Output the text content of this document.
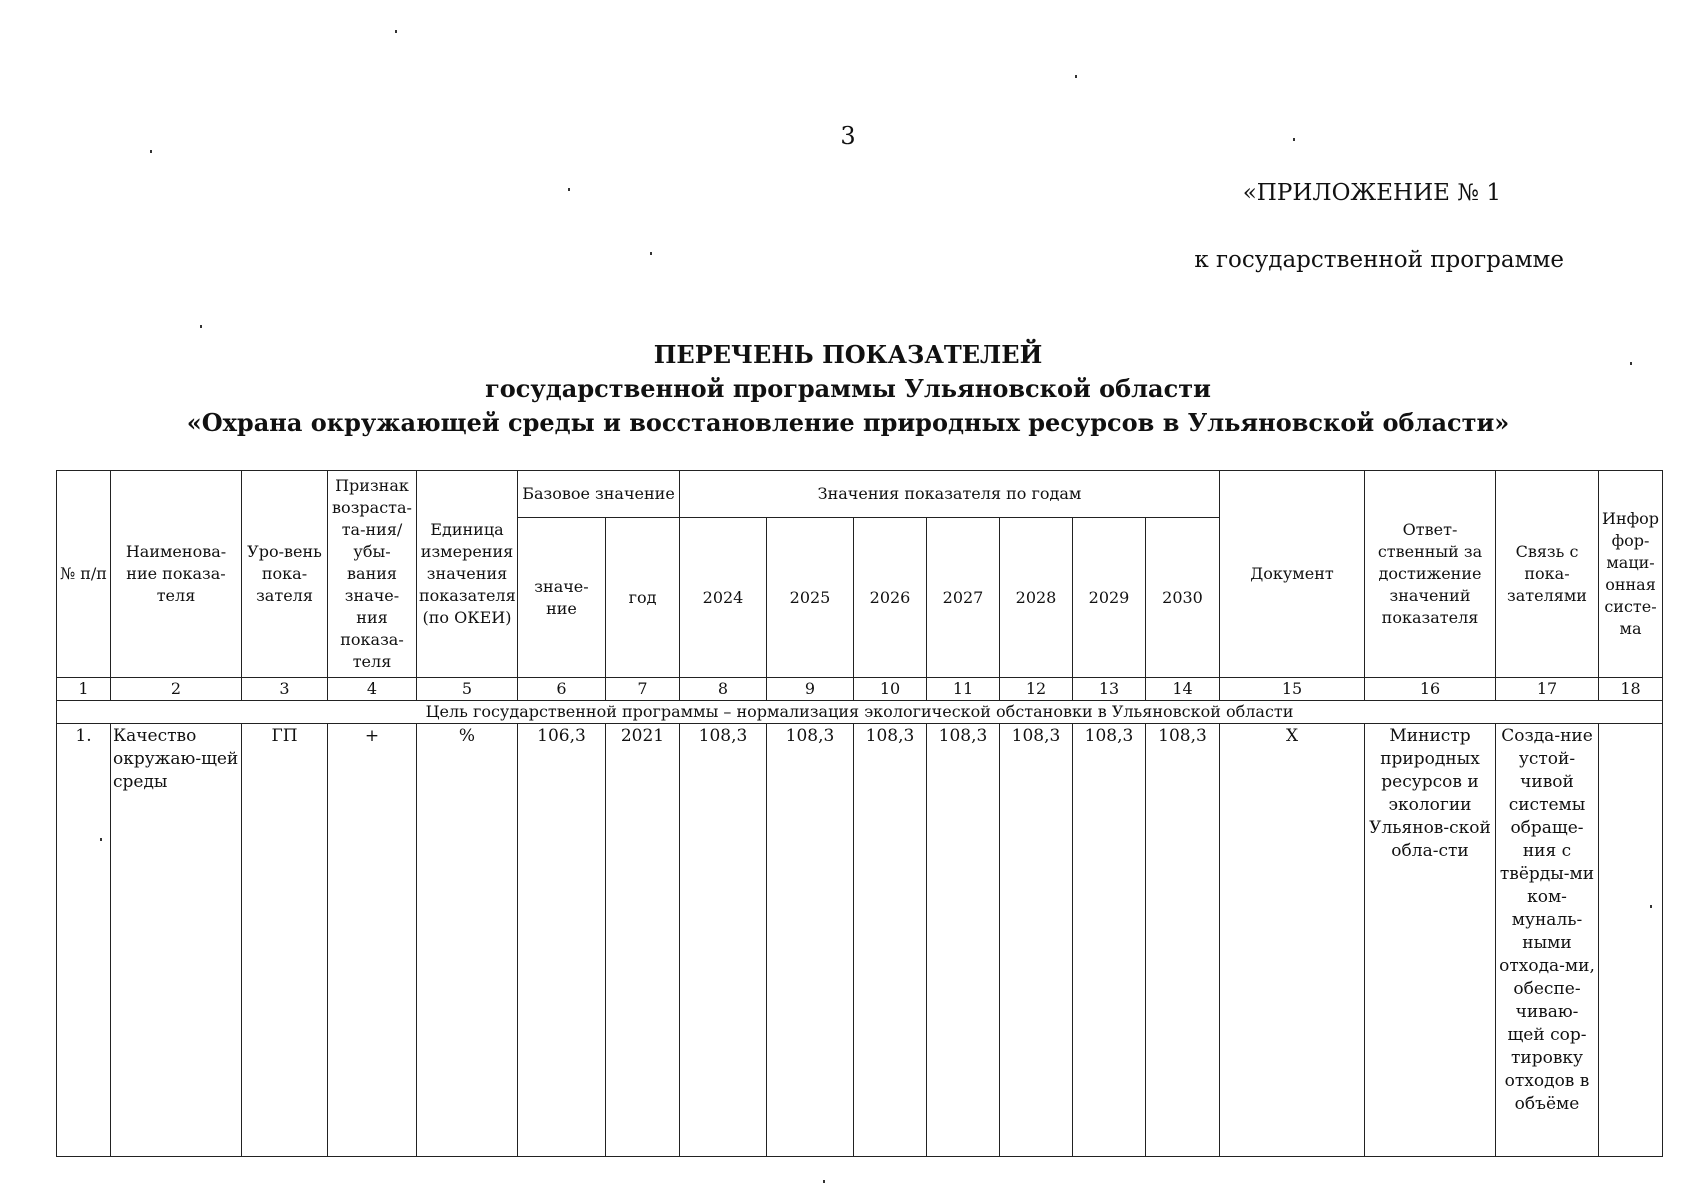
3
«ПРИЛОЖЕНИЕ № 1
к государственной программе
ПЕРЕЧЕНЬ ПОКАЗАТЕЛЕЙ
государственной программы Ульяновской области
«Охрана окружающей среды и восстановление природных ресурсов в Ульяновской области»
№ п/п	Наименова-ние показа-теля	Уро-вень пока-зателя	Признак возраста-та-ния/убы-вания значе-ния показа-теля	Единица измерения значения показателя (по ОКЕИ)	Базовое значение		Значения показателя по годам							Документ	Ответ-ственный за достижение значений показателя	Связь с пока-зателями	Инфор фор-маци-онная систе-ма
					значе-ние	год	2024	2025	2026	2027	2028	2029	2030				
1	2	3	4	5	6	7	8	9	10	11	12	13	14	15	16	17	18
Цель государственной программы – нормализация экологической обстановки в Ульяновской области																	
1.	Качество окружаю-щей среды	ГП	+	%	106,3	2021	108,3	108,3	108,3	108,3	108,3	108,3	108,3	X	Министр природных ресурсов и экологии Ульянов-ской обла-сти	Созда-ние устой-чивой системы обраще-ния с твёрды-ми ком-муналь-ными отхода-ми, обеспе-чиваю-щей сор-тировку отходов в объёме	
